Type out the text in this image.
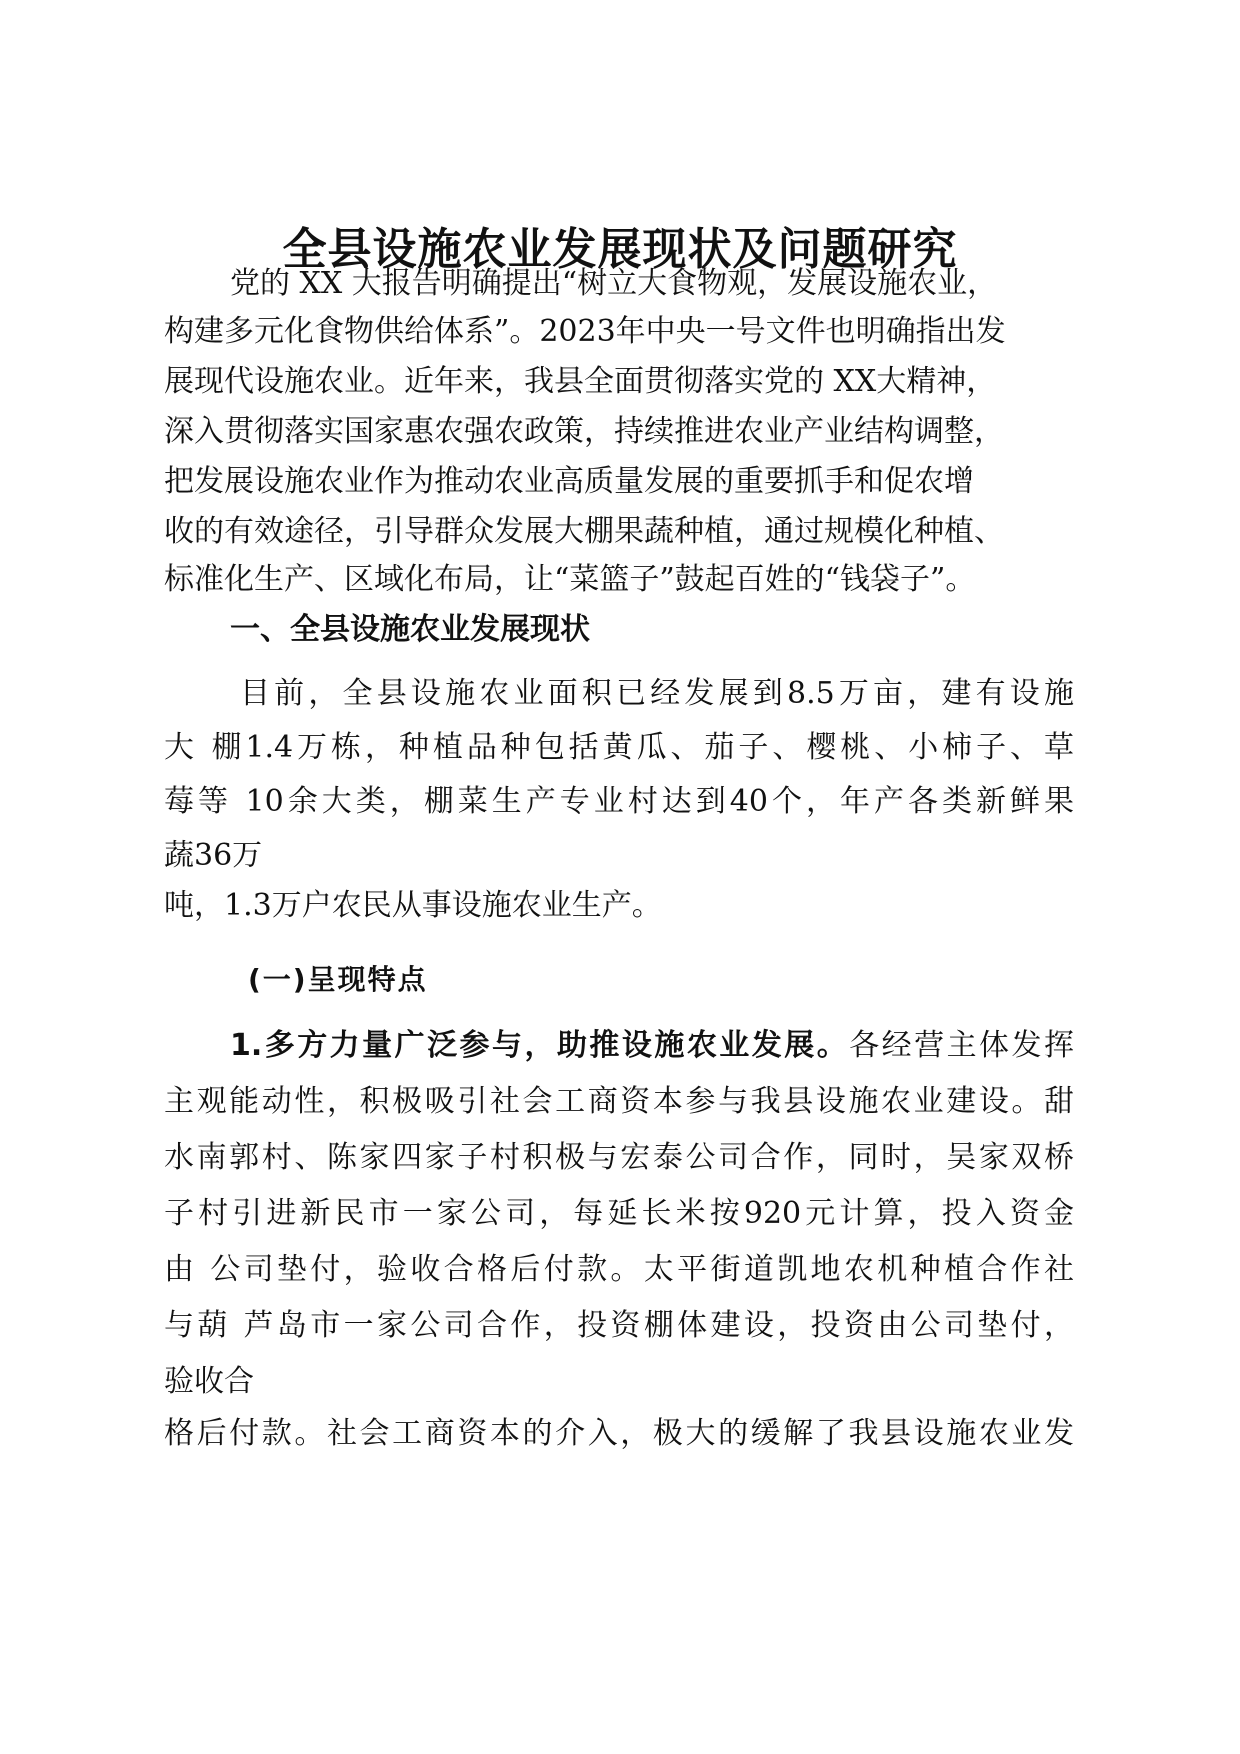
全县设施农业发展现状及问题研究
党的 XX 大报告明确提出“树立大食物观，发展设施农业，
构建多元化食物供给体系”。2023年中央一号文件也明确指出发
展现代设施农业。近年来，我县全面贯彻落实党的 XX大精神，
深入贯彻落实国家惠农强农政策，持续推进农业产业结构调整，
把发展设施农业作为推动农业高质量发展的重要抓手和促农增
收的有效途径，引导群众发展大棚果蔬种植，通过规模化种植、
标准化生产、区域化布局，让“菜篮子”鼓起百姓的“钱袋子”。
一、全县设施农业发展现状
目前，全县设施农业面积已经发展到8.5万亩，建有设施
大 棚1.4万栋，种植品种包括黄瓜、茄子、樱桃、小柿子、草
莓等 10余大类，棚菜生产专业村达到40个，年产各类新鲜果
蔬36万
吨，1.3万户农民从事设施农业生产。
(一)呈现特点
1.多方力量广泛参与，助推设施农业发展。各经营主体发挥
主观能动性，积极吸引社会工商资本参与我县设施农业建设。甜
水南郭村、陈家四家子村积极与宏泰公司合作，同时，吴家双桥
子村引进新民市一家公司，每延长米按920元计算，投入资金
由 公司垫付，验收合格后付款。太平街道凯地农机种植合作社
与葫 芦岛市一家公司合作，投资棚体建设，投资由公司垫付，
验收合
格后付款。社会工商资本的介入，极大的缓解了我县设施农业发
